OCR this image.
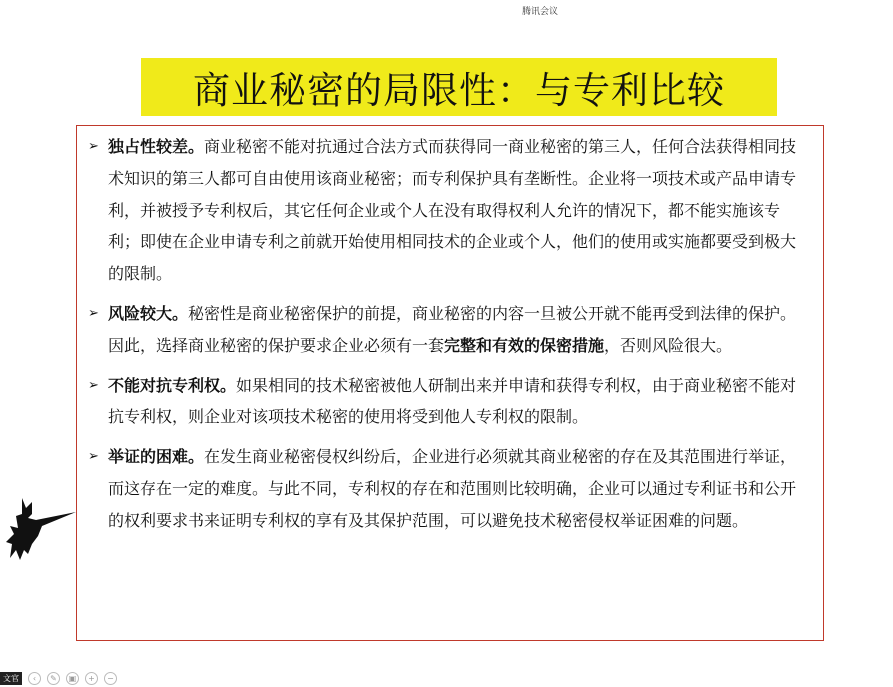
腾讯会议
商业秘密的局限性：与专利比较
➢ 独占性较差。商业秘密不能对抗通过合法方式而获得同一商业秘密的第三人，任何合法获得相同技术知识的第三人都可自由使用该商业秘密；而专利保护具有垄断性。企业将一项技术或产品申请专利，并被授予专利权后，其它任何企业或个人在没有取得权利人允许的情况下，都不能实施该专利；即使在企业申请专利之前就开始使用相同技术的企业或个人，他们的使用或实施都要受到极大的限制。
➢ 风险较大。秘密性是商业秘密保护的前提，商业秘密的内容一旦被公开就不能再受到法律的保护。因此，选择商业秘密的保护要求企业必须有一套完整和有效的保密措施，否则风险很大。
➢ 不能对抗专利权。如果相同的技术秘密被他人研制出来并申请和获得专利权，由于商业秘密不能对抗专利权，则企业对该项技术秘密的使用将受到他人专利权的限制。
➢ 举证的困难。在发生商业秘密侵权纠纷后，企业进行必须就其商业秘密的存在及其范围进行举证，而这存在一定的难度。与此不同，专利权的存在和范围则比较明确，企业可以通过专利证书和公开的权利要求书来证明专利权的享有及其保护范围，可以避免技术秘密侵权举证困难的问题。
文官	‹	✎	▣	+	−
